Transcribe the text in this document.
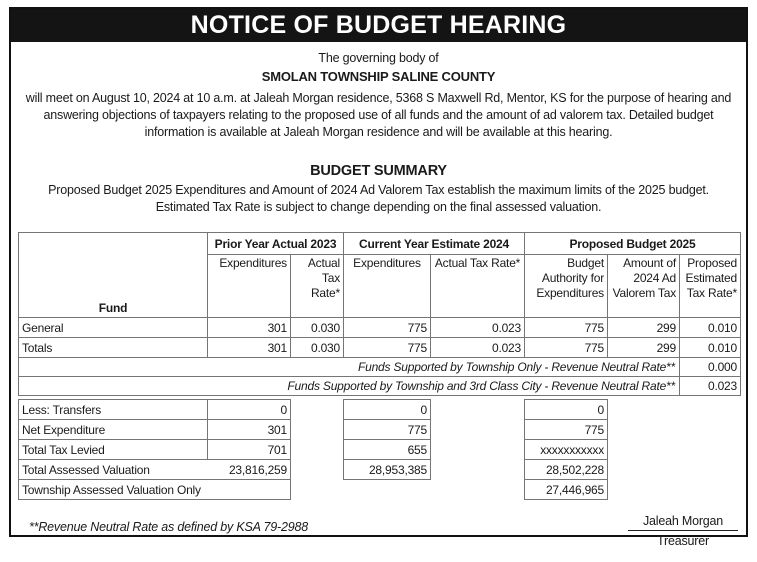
NOTICE OF BUDGET HEARING
The governing body of
SMOLAN TOWNSHIP SALINE COUNTY
will meet on August 10, 2024 at 10 a.m. at Jaleah Morgan residence, 5368 S Maxwell Rd, Mentor, KS for the purpose of hearing and answering objections of taxpayers relating to the proposed use of all funds and the amount of ad valorem tax. Detailed budget information is available at Jaleah Morgan residence and will be available at this hearing.
BUDGET SUMMARY
Proposed Budget 2025 Expenditures and Amount of 2024 Ad Valorem Tax establish the maximum limits of the 2025 budget. Estimated Tax Rate is subject to change depending on the final assessed valuation.
Fund	Prior Year Actual 2023		Current Year Estimate 2024		Proposed Budget 2025		
	Expenditures	Actual Tax Rate*	Expenditures	Actual Tax Rate*	Budget Authority for Expenditures	Amount of 2024 Ad Valorem Tax	Proposed Estimated Tax Rate*
General	301	0.030	775	0.023	775	299	0.010
Totals	301	0.030	775	0.023	775	299	0.010
Funds Supported by Township Only - Revenue Neutral Rate**							0.000
Funds Supported by Township and 3rd Class City - Revenue Neutral Rate**							0.023
Less: Transfers	0		0		0		
Net Expenditure	301		775		775		
Total Tax Levied	701		655		xxxxxxxxxxx		

Total Assessed Valuation 23,816,259			28,953,385		28,502,228		
Township Assessed Valuation Only					27,446,965		
**Revenue Neutral Rate as defined by KSA 79-2988	Jaleah Morgan
Treasurer
